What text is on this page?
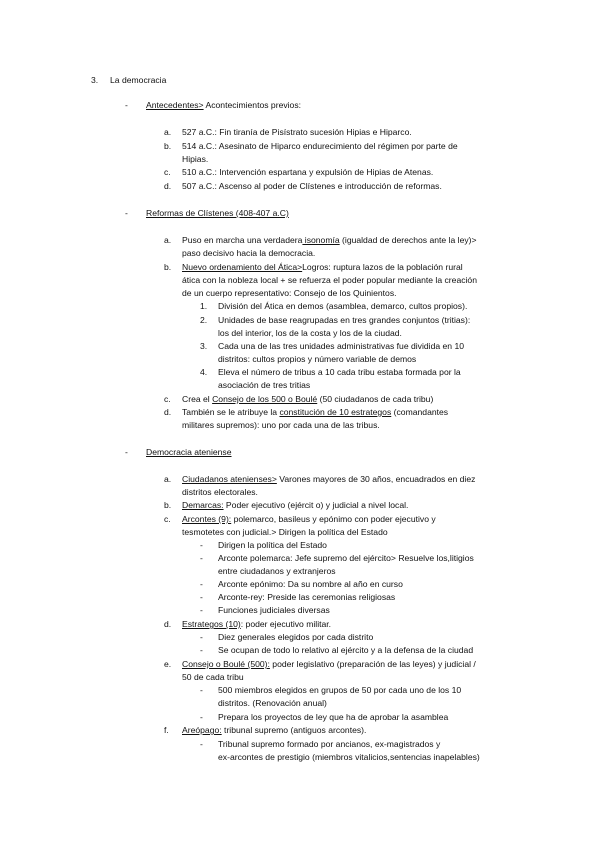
3. La democracia
- Antecedentes> Acontecimientos previos:
a. 527 a.C.: Fin tiranía de Pisístrato sucesión Hipias e Hiparco.
b. 514 a.C.: Asesinato de Hiparco endurecimiento del régimen por parte de
Hipias.
c. 510 a.C.: Intervención espartana y expulsión de Hipias de Atenas.
d. 507 a.C.: Ascenso al poder de Clístenes e introducción de reformas.
- Reformas de Clístenes (408-407 a.C)
a. Puso en marcha una verdadera isonomía (igualdad de derechos ante la ley)>
paso decisivo hacia la democracia.
b. Nuevo ordenamiento del Ática>Logros: ruptura lazos de la población rural
ática con la nobleza local + se refuerza el poder popular mediante la creación
de un cuerpo representativo: Consejo de los Quinientos.
1. División del Ática en demos (asamblea, demarco, cultos propios).
2. Unidades de base reagrupadas en tres grandes conjuntos (tritias):
los del interior, los de la costa y los de la ciudad.
3. Cada una de las tres unidades administrativas fue dividida en 10
distritos: cultos propios y número variable de demos
4. Eleva el número de tribus a 10 cada tribu estaba formada por la
asociación de tres tritias
c. Crea el Consejo de los 500 o Boulé (50 ciudadanos de cada tribu)
d. También se le atribuye la constitución de 10 estrategos (comandantes
militares supremos): uno por cada una de las tribus.
- Democracia ateniense
a. Ciudadanos atenienses> Varones mayores de 30 años, encuadrados en diez
distritos electorales.
b. Demarcas: Poder ejecutivo (ejércit o) y judicial a nivel local.
c. Arcontes (9): polemarco, basileus y epónimo con poder ejecutivo y
tesmotetes con judicial.> Dirigen la política del Estado
- Dirigen la política del Estado
- Arconte polemarca: Jefe supremo del ejército> Resuelve los,litigios
entre ciudadanos y extranjeros
- Arconte epónimo: Da su nombre al año en curso
- Arconte-rey: Preside las ceremonias religiosas
- Funciones judiciales diversas
d. Estrategos (10): poder ejecutivo militar.
- Diez generales elegidos por cada distrito
- Se ocupan de todo lo relativo al ejército y a la defensa de la ciudad
e. Consejo o Boulé (500): poder legislativo (preparación de las leyes) y judicial /
50 de cada tribu
- 500 miembros elegidos en grupos de 50 por cada uno de los 10
distritos. (Renovación anual)
- Prepara los proyectos de ley que ha de aprobar la asamblea
f. Areópago: tribunal supremo (antiguos arcontes).
- Tribunal supremo formado por ancianos, ex-magistrados y
ex-arcontes de prestigio (miembros vitalicios,sentencias inapelables)
